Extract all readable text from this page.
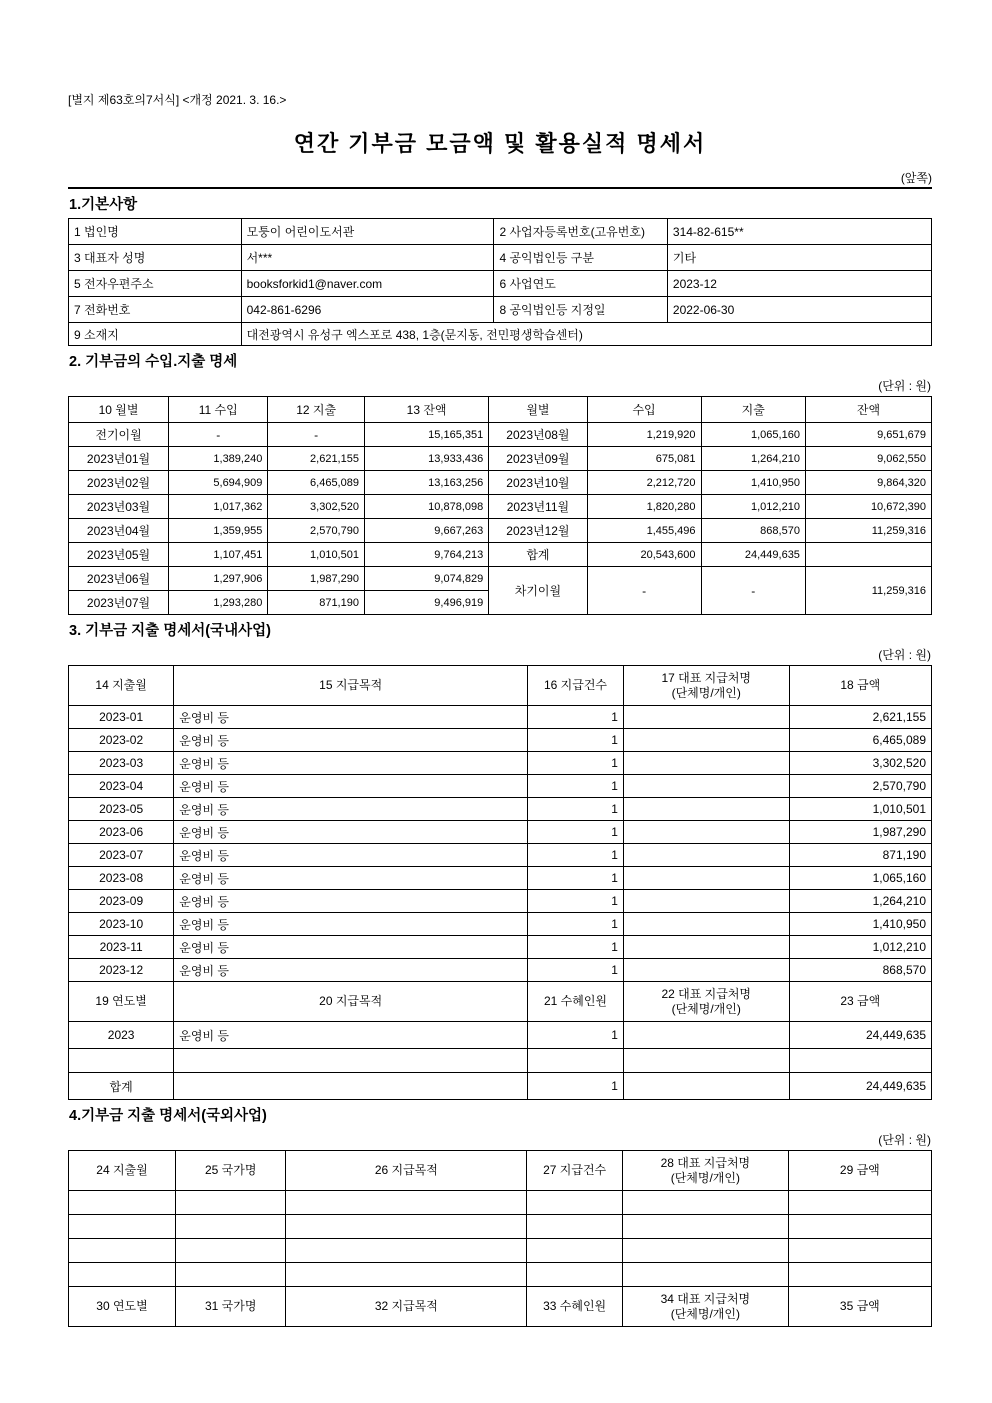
[별지 제63호의7서식] <개정 2021. 3. 16.>
연간 기부금 모금액 및 활용실적 명세서
(앞쪽)
1.기본사항
1 법인명	모퉁이 어린이도서관	2 사업자등록번호(고유번호)	314-82-615**
3 대표자 성명	서***	4 공익법인등 구분	기타
5 전자우편주소	booksforkid1@naver.com	6 사업연도	2023-12
7 전화번호	042-861-6296	8 공익법인등 지정일	2022-06-30
9 소재지	대전광역시 유성구 엑스포로 438, 1층(문지동, 전민평생학습센터)		
2. 기부금의 수입.지출 명세
(단위 : 원)
10 월별	11 수입	12 지출	13 잔액	월별	수입	지출	잔액
전기이월	-	-	15,165,351	2023년08월	1,219,920	1,065,160	9,651,679
2023년01월	1,389,240	2,621,155	13,933,436	2023년09월	675,081	1,264,210	9,062,550
2023년02월	5,694,909	6,465,089	13,163,256	2023년10월	2,212,720	1,410,950	9,864,320
2023년03월	1,017,362	3,302,520	10,878,098	2023년11월	1,820,280	1,012,210	10,672,390
2023년04월	1,359,955	2,570,790	9,667,263	2023년12월	1,455,496	868,570	11,259,316
2023년05월	1,107,451	1,010,501	9,764,213	합계	20,543,600	24,449,635	
2023년06월	1,297,906	1,987,290	9,074,829	차기이월	-	-	11,259,316
2023년07월	1,293,280	871,190	9,496,919				
3. 기부금 지출 명세서(국내사업)
(단위 : 원)
14 지출월	15 지급목적	16 지급건수	17 대표 지급처명
(단체명/개인)	18 금액
2023-01	운영비 등	1		2,621,155
2023-02	운영비 등	1		6,465,089
2023-03	운영비 등	1		3,302,520
2023-04	운영비 등	1		2,570,790
2023-05	운영비 등	1		1,010,501
2023-06	운영비 등	1		1,987,290
2023-07	운영비 등	1		871,190
2023-08	운영비 등	1		1,065,160
2023-09	운영비 등	1		1,264,210
2023-10	운영비 등	1		1,410,950
2023-11	운영비 등	1		1,012,210
2023-12	운영비 등	1		868,570
19 연도별	20 지급목적	21 수혜인원	22 대표 지급처명
(단체명/개인)	23 금액
2023	운영비 등	1		24,449,635

합계		1		24,449,635
4.기부금 지출 명세서(국외사업)
(단위 : 원)
24 지출월	25 국가명	26 지급목적	27 지급건수	28 대표 지급처명
(단체명/개인)	29 금액

30 연도별	31 국가명	32 지급목적	33 수혜인원	34 대표 지급처명
(단체명/개인)	35 금액
